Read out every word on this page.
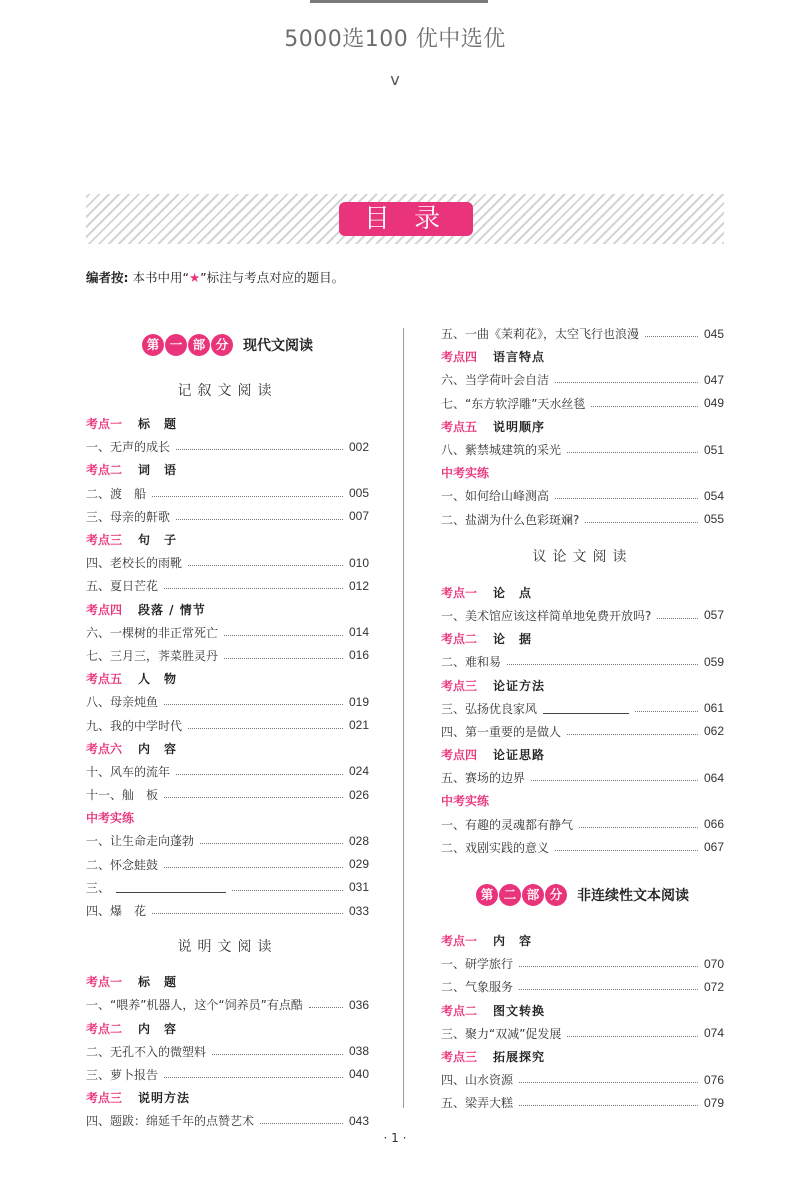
5000选100 优中选优
v
目 录
编者按: 本书中用“★”标注与考点对应的题目。
第 一 部 分	现代文阅读
记叙文阅读
考点一	标　题
一、无声的成长	002
考点二	词　语
二、渡　船	005
三、母亲的鼾歌	007
考点三	句　子
四、老校长的雨靴	010
五、夏日芒花	012
考点四	段落 / 情节
六、一棵树的非正常死亡	014
七、三月三，荠菜胜灵丹	016
考点五	人　物
八、母亲炖鱼	019
九、我的中学时代	021
考点六	内　容
十、风车的流年	024
十一、舢　板	026
中考实练
一、让生命走向蓬勃	028
二、怀念蛙鼓	029
三、	031
四、爆　花	033
说明文阅读
考点一	标　题
一、“喂养”机器人，这个“饲养员”有点酷	036
考点二	内　容
二、无孔不入的微塑料	038
三、萝卜报告	040
考点三	说明方法
四、题跋：绵延千年的点赞艺术	043
五、一曲《茉莉花》，太空飞行也浪漫	045
考点四	语言特点
六、当学荷叶会自洁	047
七、“东方软浮雕”天水丝毯	049
考点五	说明顺序
八、紫禁城建筑的采光	051
中考实练
一、如何给山峰测高	054
二、盐湖为什么色彩斑斓?	055
议论文阅读
考点一	论　点
一、美术馆应该这样简单地免费开放吗?	057
考点二	论　据
二、难和易	059
考点三	论证方法
三、弘扬优良家风	061
四、第一重要的是做人	062
考点四	论证思路
五、赛场的边界	064
中考实练
一、有趣的灵魂都有静气	066
二、戏剧实践的意义	067
第 二 部 分	非连续性文本阅读
考点一	内　容
一、研学旅行	070
二、气象服务	072
考点二	图文转换
三、聚力“双减”促发展	074
考点三	拓展探究
四、山水资源	076
五、梁弄大糕	079
· 1 ·
